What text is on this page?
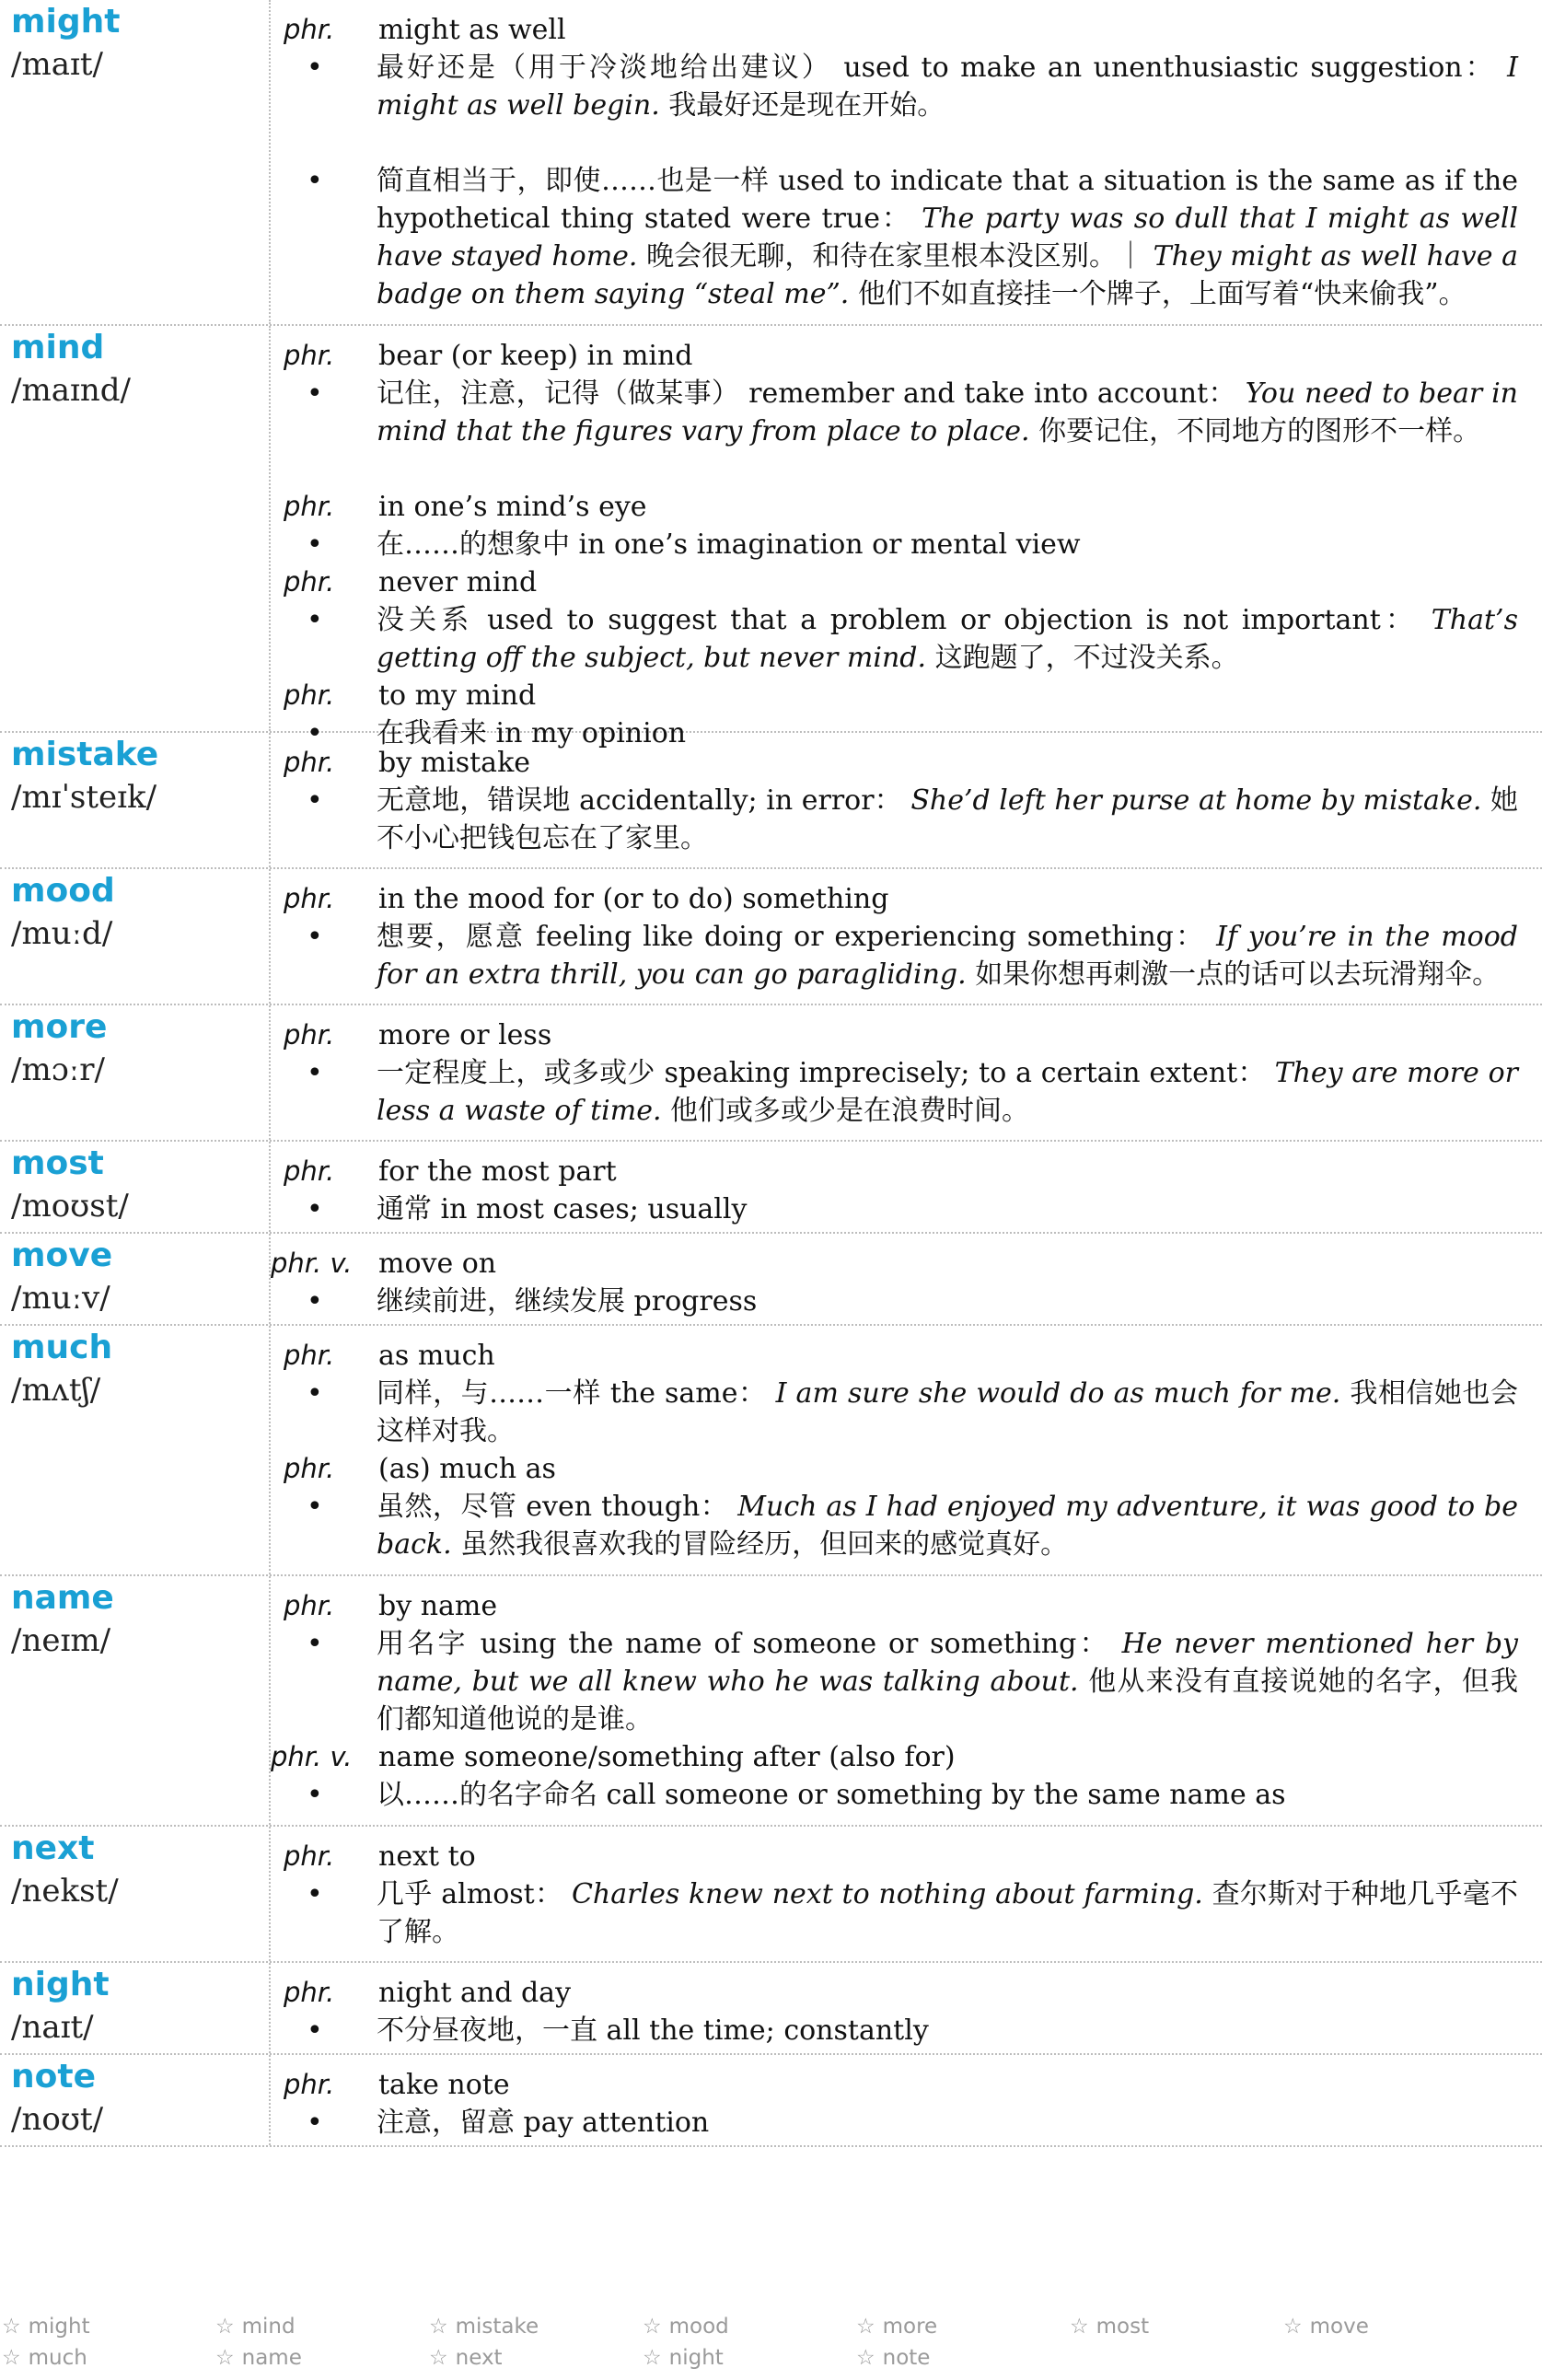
might
/maɪt/
phr. might as well
• 最好还是（用于冷淡地给出建议） used to make an unenthusiastic suggestion： I might as well begin. 我最好还是现在开始。
• 简直相当于，即使……也是一样 used to indicate that a situation is the same as if the hypothetical thing stated were true： The party was so dull that I might as well have stayed home. 晚会很无聊，和待在家里根本没区别。｜ They might as well have a badge on them saying “steal me”. 他们不如直接挂一个牌子，上面写着“快来偷我”。
mind
/maɪnd/
phr. bear (or keep) in mind
• 记住，注意，记得（做某事） remember and take into account： You need to bear in mind that the figures vary from place to place. 你要记住，不同地方的图形不一样。
phr. in one’s mind’s eye
• 在……的想象中 in one’s imagination or mental view
phr. never mind
• 没关系 used to suggest that a problem or objection is not important： That’s getting off the subject, but never mind. 这跑题了，不过没关系。
phr. to my mind
• 在我看来 in my opinion
mistake
/mɪˈsteɪk/
phr. by mistake
• 无意地，错误地 accidentally; in error： She’d left her purse at home by mistake. 她不小心把钱包忘在了家里。
mood
/muːd/
phr. in the mood for (or to do) something
• 想要，愿意 feeling like doing or experiencing something： If you’re in the mood for an extra thrill, you can go paragliding. 如果你想再刺激一点的话可以去玩滑翔伞。
more
/mɔːr/
phr. more or less
• 一定程度上，或多或少 speaking imprecisely; to a certain extent： They are more or less a waste of time. 他们或多或少是在浪费时间。
most
/moʊst/
phr. for the most part
• 通常 in most cases; usually
move
/muːv/
phr. v. move on
• 继续前进，继续发展 progress
much
/mʌtʃ/
phr. as much
• 同样，与……一样 the same： I am sure she would do as much for me. 我相信她也会这样对我。
phr. (as) much as
• 虽然，尽管 even though： Much as I had enjoyed my adventure, it was good to be back. 虽然我很喜欢我的冒险经历，但回来的感觉真好。
name
/neɪm/
phr. by name
• 用名字 using the name of someone or something： He never mentioned her by name, but we all knew who he was talking about. 他从来没有直接说她的名字，但我们都知道他说的是谁。
phr. v. name someone/something after (also for)
• 以……的名字命名 call someone or something by the same name as
next
/nekst/
phr. next to
• 几乎 almost： Charles knew next to nothing about farming. 查尔斯对于种地几乎毫不了解。
night
/naɪt/
phr. night and day
• 不分昼夜地，一直 all the time; constantly
note
/noʊt/
phr. take note
• 注意，留意 pay attention
☆ might	☆ mind	☆ mistake	☆ mood	☆ more	☆ most	☆ move
☆ much	☆ name	☆ next	☆ night	☆ note
